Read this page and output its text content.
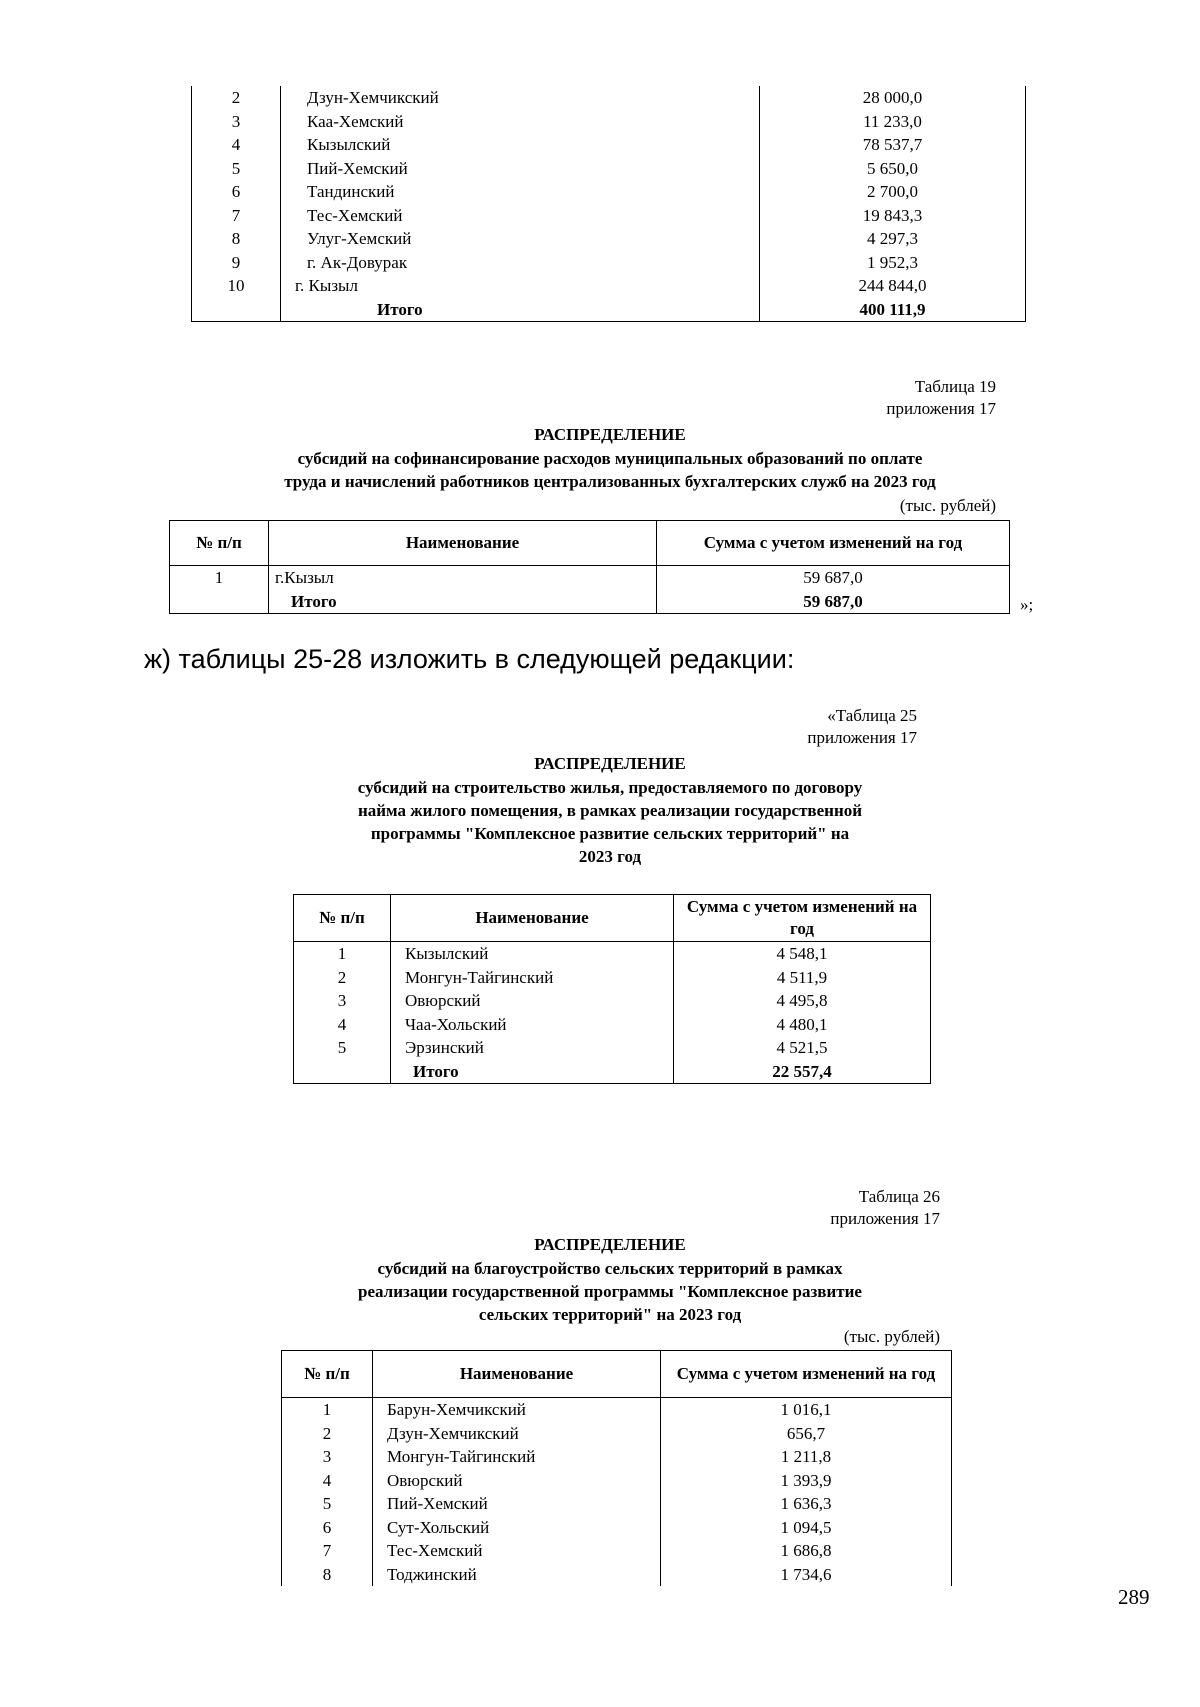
2	Дзун-Хемчикский	28 000,0
3	Каа-Хемский	11 233,0
4	Кызылский	78 537,7
5	Пий-Хемский	5 650,0
6	Тандинский	2 700,0
7	Тес-Хемский	19 843,3
8	Улуг-Хемский	4 297,3
9	г. Ак-Довурак	1 952,3
10	г. Кызыл	244 844,0
	Итого	400 111,9
Таблица 19
приложения 17
РАСПРЕДЕЛЕНИЕ
субсидий на софинансирование расходов муниципальных образований по оплате
труда и начислений работников централизованных бухгалтерских служб на 2023 год
(тыс. рублей)
№ п/п	Наименование	Сумма с учетом изменений на год
1	г.Кызыл	59 687,0
	Итого	59 687,0	»;
ж) таблицы 25-28 изложить в следующей редакции:
«Таблица 25
приложения 17
РАСПРЕДЕЛЕНИЕ
субсидий на строительство жилья, предоставляемого по договору
найма жилого помещения, в рамках реализации государственной
программы "Комплексное развитие сельских территорий" на
2023 год
№ п/п	Наименование	Сумма с учетом изменений на год
1	Кызылский	4 548,1
2	Монгун-Тайгинский	4 511,9
3	Овюрский	4 495,8
4	Чаа-Хольский	4 480,1
5	Эрзинский	4 521,5
	Итого	22 557,4
Таблица 26
приложения 17
РАСПРЕДЕЛЕНИЕ
субсидий на благоустройство сельских территорий в рамках
реализации государственной программы "Комплексное развитие
сельских территорий" на 2023 год
(тыс. рублей)
№ п/п	Наименование	Сумма с учетом изменений на год
1	Барун-Хемчикский	1 016,1
2	Дзун-Хемчикский	656,7
3	Монгун-Тайгинский	1 211,8
4	Овюрский	1 393,9
5	Пий-Хемский	1 636,3
6	Сут-Хольский	1 094,5
7	Тес-Хемский	1 686,8
8	Тоджинский	1 734,6
289
